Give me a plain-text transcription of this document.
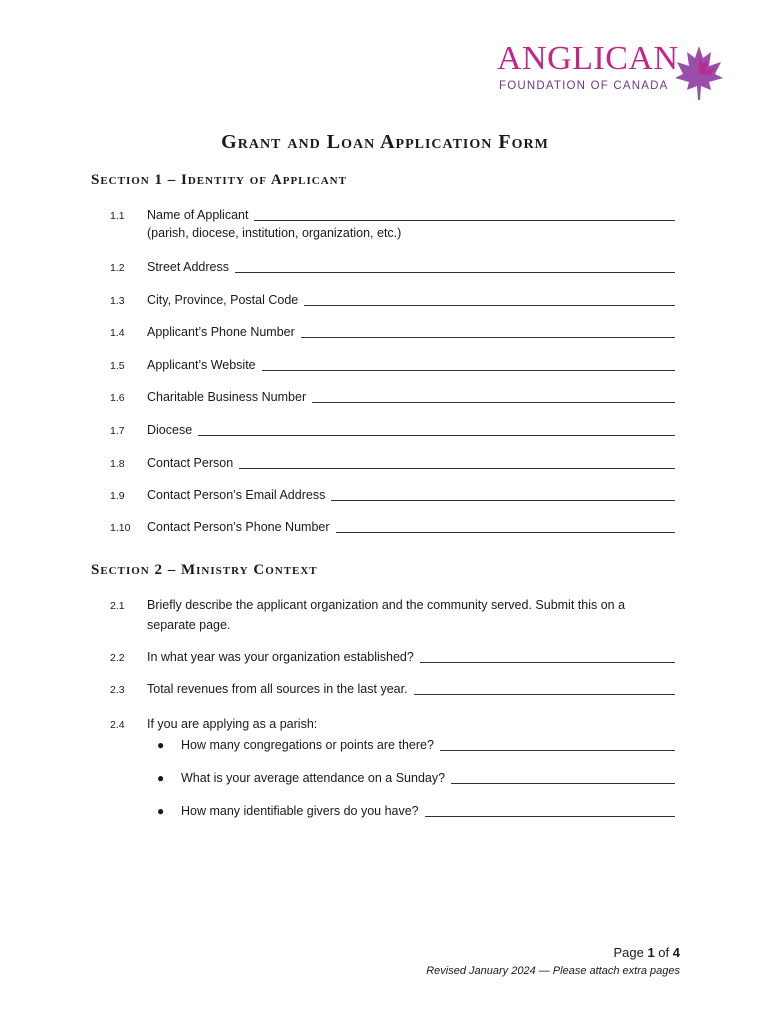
ANGLICAN
FOUNDATION OF CANADA
Grant and Loan Application Form
Section 1 – Identity of Applicant
1.1 Name of Applicant
(parish, diocese, institution, organization, etc.)
1.2 Street Address
1.3 City, Province, Postal Code
1.4 Applicant’s Phone Number
1.5 Applicant’s Website
1.6 Charitable Business Number
1.7 Diocese
1.8 Contact Person
1.9 Contact Person’s Email Address
1.10 Contact Person’s Phone Number
Section 2 – Ministry Context
2.1 Briefly describe the applicant organization and the community served. Submit this on a
separate page.
2.2 In what year was your organization established?
2.3 Total revenues from all sources in the last year.
2.4 If you are applying as a parish:
● How many congregations or points are there?
● What is your average attendance on a Sunday?
● How many identifiable givers do you have?
Page 1 of 4
Revised January 2024 — Please attach extra pages
